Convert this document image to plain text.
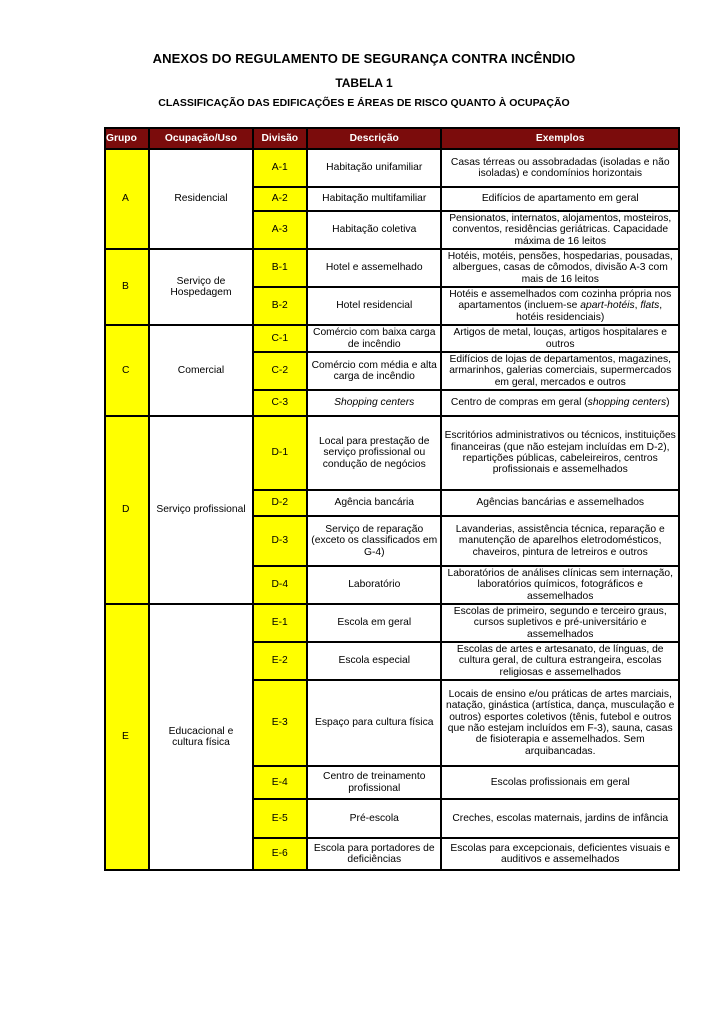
ANEXOS DO REGULAMENTO DE SEGURANÇA CONTRA INCÊNDIO
TABELA 1
CLASSIFICAÇÃO DAS EDIFICAÇÕES E ÁREAS DE RISCO QUANTO À OCUPAÇÃO
Grupo	Ocupação/Uso	Divisão	Descrição	Exemplos
A	Residencial	A-1	Habitação unifamiliar	Casas térreas ou assobradadas (isoladas e não isoladas) e condomínios horizontais
		A-2	Habitação multifamiliar	Edifícios de apartamento em geral
		A-3	Habitação coletiva	Pensionatos, internatos, alojamentos, mosteiros, conventos, residências geriátricas. Capacidade máxima de 16 leitos
B	Serviço de Hospedagem	B-1	Hotel e assemelhado	Hotéis, motéis, pensões, hospedarias, pousadas, albergues, casas de cômodos, divisão A-3 com mais de 16 leitos
		B-2	Hotel residencial	Hotéis e assemelhados com cozinha própria nos apartamentos (incluem-se apart-hotéis, flats, hotéis residenciais)
C	Comercial	C-1	Comércio com baixa carga de incêndio	Artigos de metal, louças, artigos hospitalares e outros
		C-2	Comércio com média e alta carga de incêndio	Edifícios de lojas de departamentos, magazines, armarinhos, galerias comerciais, supermercados em geral, mercados e outros
		C-3	Shopping centers	Centro de compras em geral (shopping centers)
D	Serviço profissional	D-1	Local para prestação de serviço profissional ou condução de negócios	Escritórios administrativos ou técnicos, instituições financeiras (que não estejam incluídas em D-2), repartições públicas, cabeleireiros, centros profissionais e assemelhados
		D-2	Agência bancária	Agências bancárias e assemelhados
		D-3	Serviço de reparação (exceto os classificados em G-4)	Lavanderias, assistência técnica, reparação e manutenção de aparelhos eletrodomésticos, chaveiros, pintura de letreiros e outros
		D-4	Laboratório	Laboratórios de análises clínicas sem internação, laboratórios químicos, fotográficos e assemelhados
E	Educacional e cultura física	E-1	Escola em geral	Escolas de primeiro, segundo e terceiro graus, cursos supletivos e pré-universitário e assemelhados
		E-2	Escola especial	Escolas de artes e artesanato, de línguas, de cultura geral, de cultura estrangeira, escolas religiosas e assemelhados
		E-3	Espaço para cultura física	Locais de ensino e/ou práticas de artes marciais, natação, ginástica (artística, dança, musculação e outros) esportes coletivos (tênis, futebol e outros que não estejam incluídos em F-3), sauna, casas de fisioterapia e assemelhados. Sem arquibancadas.
		E-4	Centro de treinamento profissional	Escolas profissionais em geral
		E-5	Pré-escola	Creches, escolas maternais, jardins de infância
		E-6	Escola para portadores de deficiências	Escolas para excepcionais, deficientes visuais e auditivos e assemelhados
